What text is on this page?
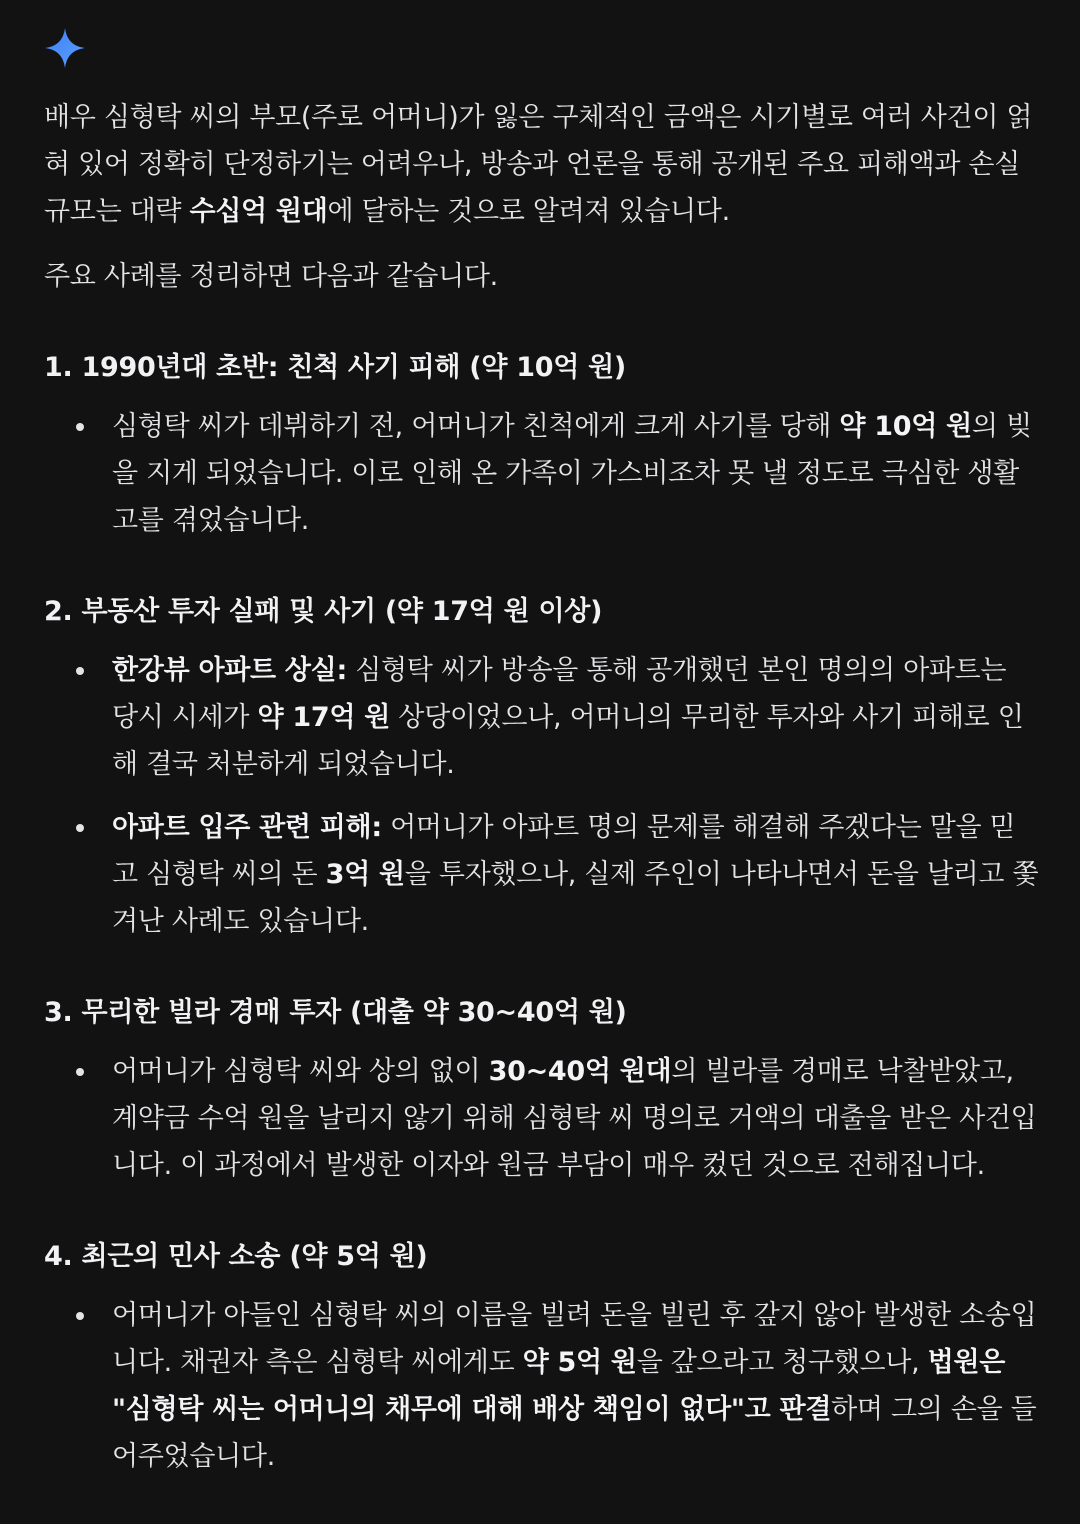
배우 심형탁 씨의 부모(주로 어머니)가 잃은 구체적인 금액은 시기별로 여러 사건이 얽혀 있어 정확히 단정하기는 어려우나, 방송과 언론을 통해 공개된 주요 피해액과 손실 규모는 대략 수십억 원대에 달하는 것으로 알려져 있습니다.

주요 사례를 정리하면 다음과 같습니다.

1. 1990년대 초반: 친척 사기 피해 (약 10억 원)
심형탁 씨가 데뷔하기 전, 어머니가 친척에게 크게 사기를 당해 약 10억 원의 빚을 지게 되었습니다. 이로 인해 온 가족이 가스비조차 못 낼 정도로 극심한 생활고를 겪었습니다.
2. 부동산 투자 실패 및 사기 (약 17억 원 이상)
한강뷰 아파트 상실: 심형탁 씨가 방송을 통해 공개했던 본인 명의의 아파트는 당시 시세가 약 17억 원 상당이었으나, 어머니의 무리한 투자와 사기 피해로 인해 결국 처분하게 되었습니다.
아파트 입주 관련 피해: 어머니가 아파트 명의 문제를 해결해 주겠다는 말을 믿고 심형탁 씨의 돈 3억 원을 투자했으나, 실제 주인이 나타나면서 돈을 날리고 쫓겨난 사례도 있습니다.
3. 무리한 빌라 경매 투자 (대출 약 30~40억 원)
어머니가 심형탁 씨와 상의 없이 30~40억 원대의 빌라를 경매로 낙찰받았고, 계약금 수억 원을 날리지 않기 위해 심형탁 씨 명의로 거액의 대출을 받은 사건입니다. 이 과정에서 발생한 이자와 원금 부담이 매우 컸던 것으로 전해집니다.
4. 최근의 민사 소송 (약 5억 원)
어머니가 아들인 심형탁 씨의 이름을 빌려 돈을 빌린 후 갚지 않아 발생한 소송입니다. 채권자 측은 심형탁 씨에게도 약 5억 원을 갚으라고 청구했으나, 법원은 "심형탁 씨는 어머니의 채무에 대해 배상 책임이 없다"고 판결하며 그의 손을 들어주었습니다.
